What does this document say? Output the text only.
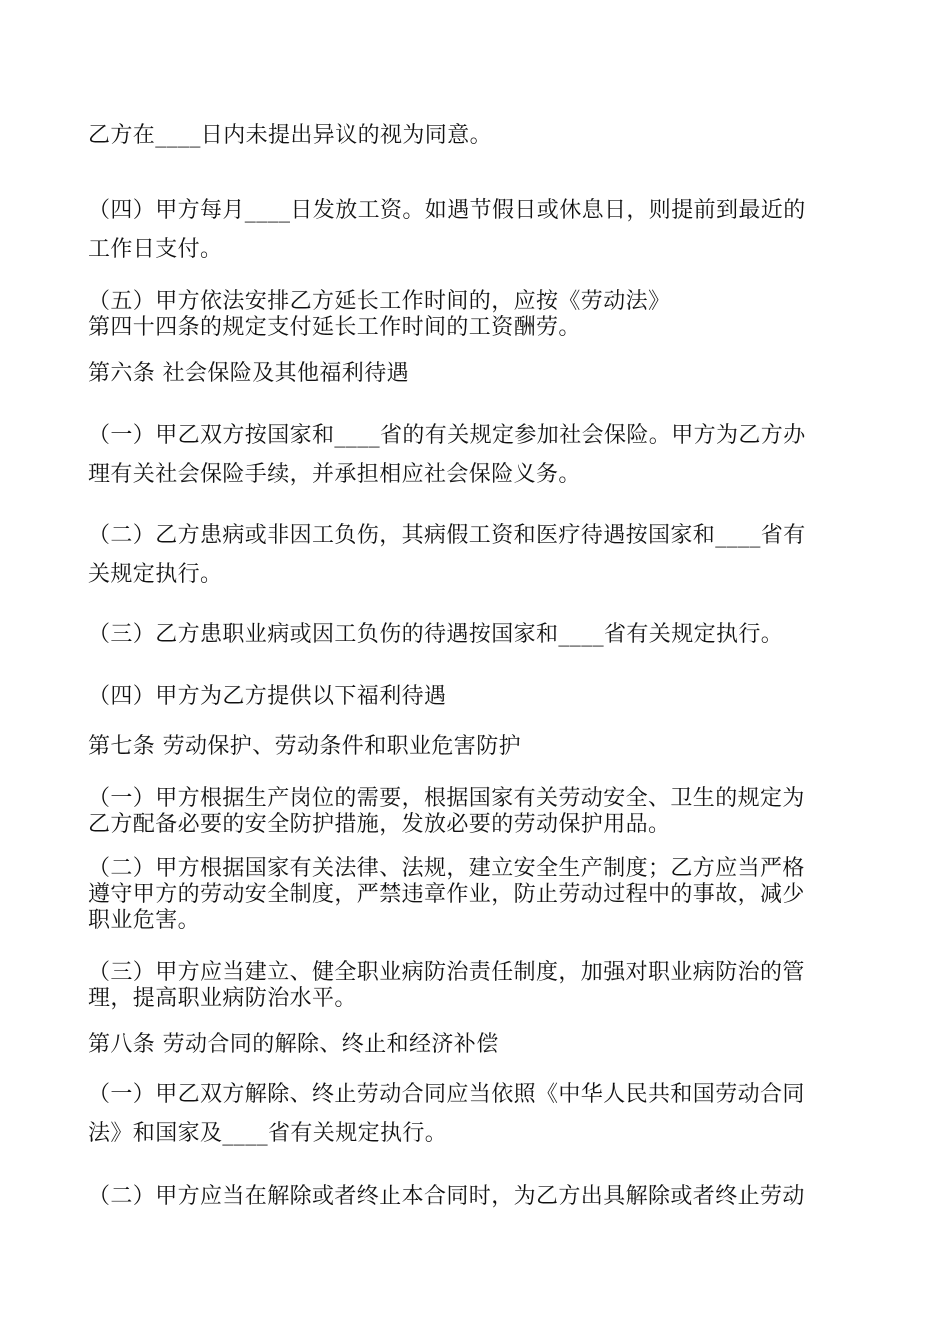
乙方在____日内未提出异议的视为同意。
（四）甲方每月____日发放工资。如遇节假日或休息日，则提前到最近的
工作日支付。
（五）甲方依法安排乙方延长工作时间的，应按《劳动法》
第四十四条的规定支付延长工作时间的工资酬劳。
第六条 社会保险及其他福利待遇
（一）甲乙双方按国家和____省的有关规定参加社会保险。甲方为乙方办
理有关社会保险手续，并承担相应社会保险义务。
（二）乙方患病或非因工负伤，其病假工资和医疗待遇按国家和____省有
关规定执行。
（三）乙方患职业病或因工负伤的待遇按国家和____省有关规定执行。
（四）甲方为乙方提供以下福利待遇
第七条 劳动保护、劳动条件和职业危害防护
（一）甲方根据生产岗位的需要，根据国家有关劳动安全、卫生的规定为
乙方配备必要的安全防护措施，发放必要的劳动保护用品。
（二）甲方根据国家有关法律、法规，建立安全生产制度；乙方应当严格
遵守甲方的劳动安全制度，严禁违章作业，防止劳动过程中的事故，减少
职业危害。
（三）甲方应当建立、健全职业病防治责任制度，加强对职业病防治的管
理，提高职业病防治水平。
第八条 劳动合同的解除、终止和经济补偿
（一）甲乙双方解除、终止劳动合同应当依照《中华人民共和国劳动合同
法》和国家及____省有关规定执行。
（二）甲方应当在解除或者终止本合同时，为乙方出具解除或者终止劳动
